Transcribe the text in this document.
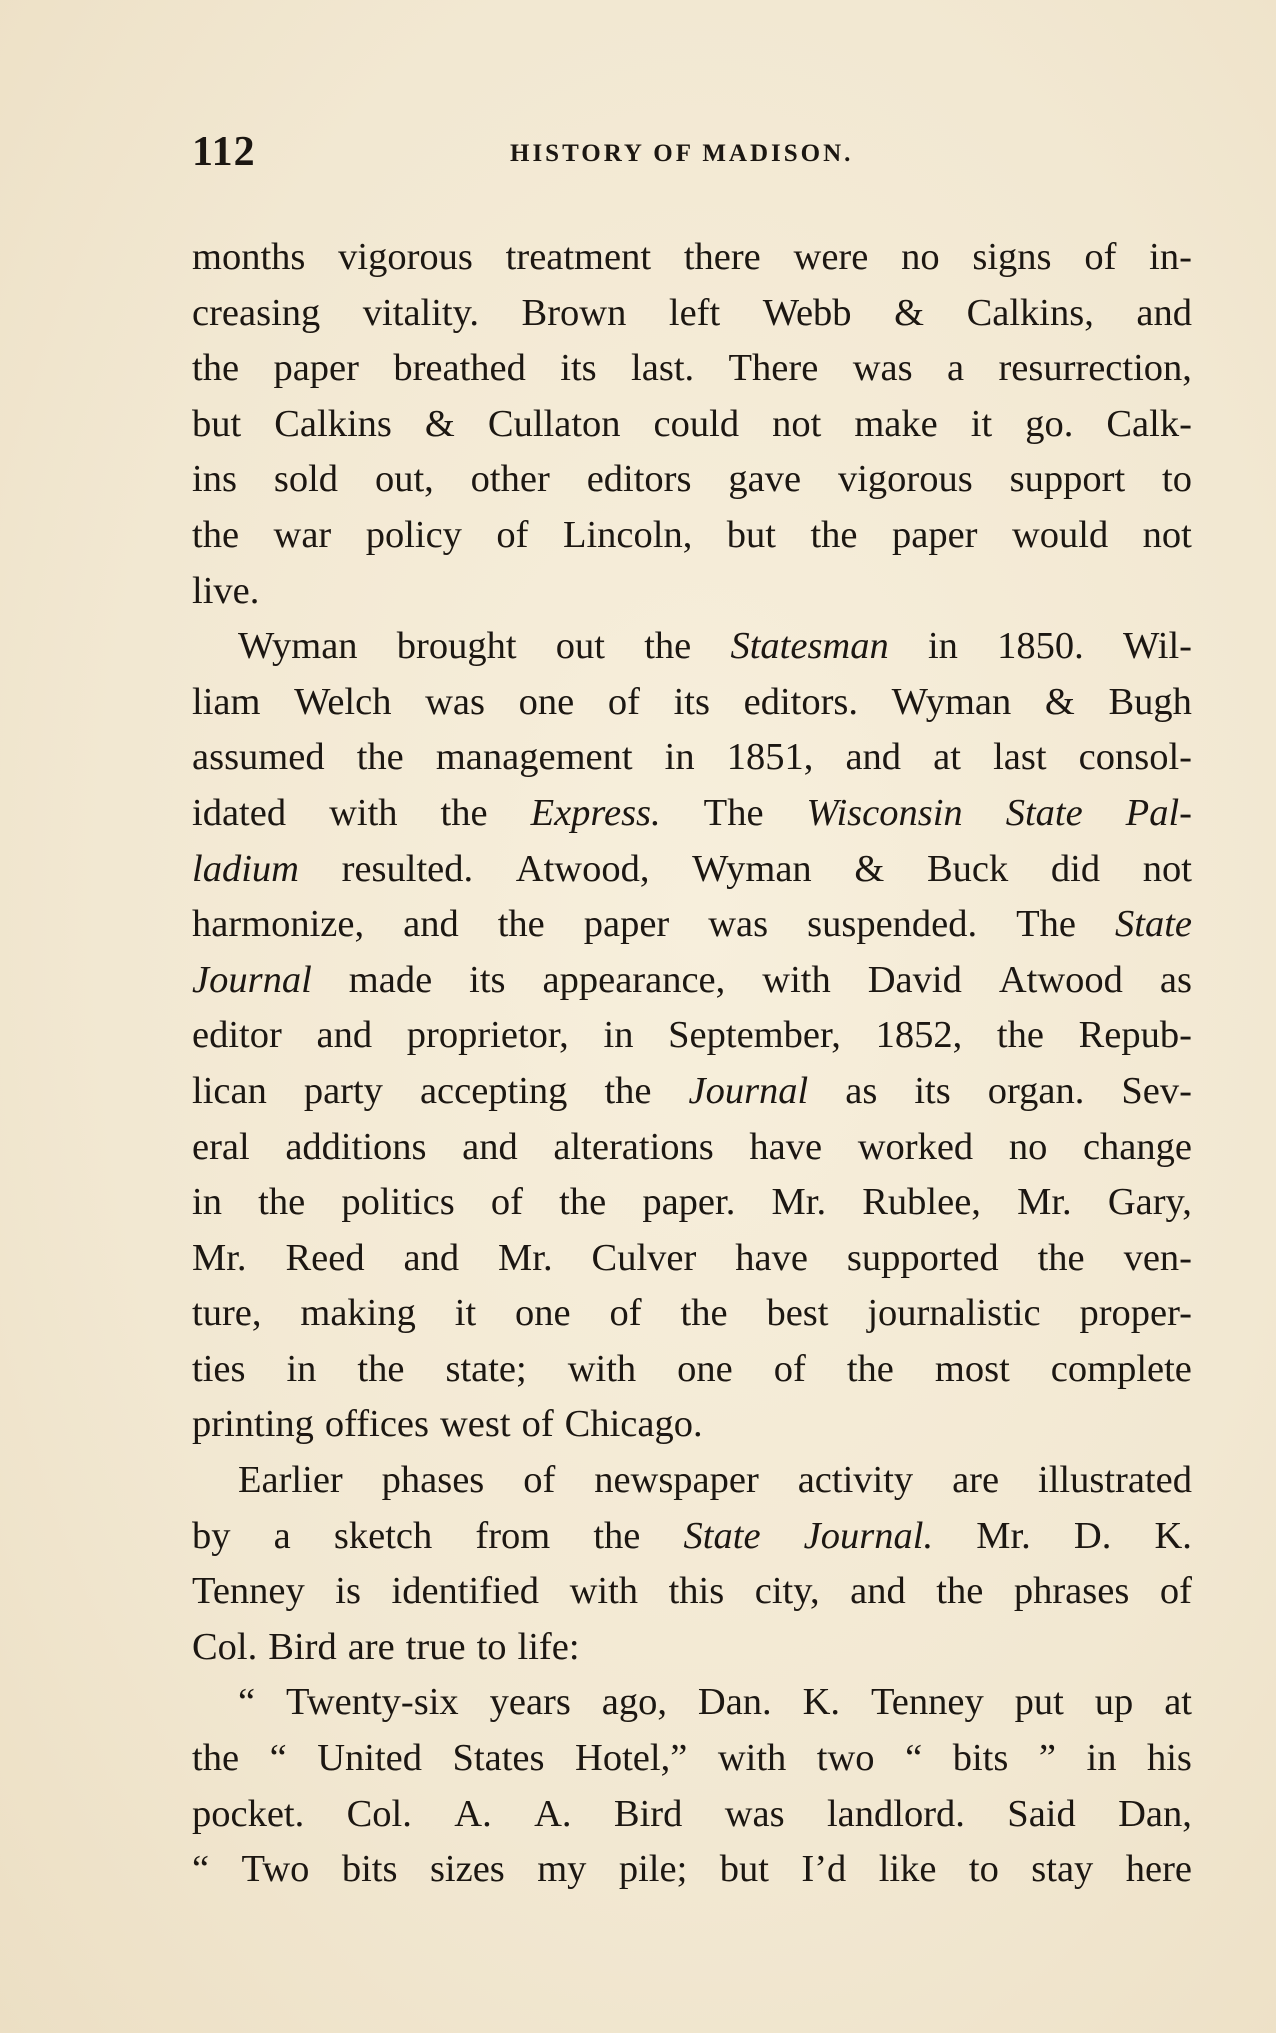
112	HISTORY OF MADISON.
months vigorous treatment there were no signs of in-
creasing vitality. Brown left Webb & Calkins, and
the paper breathed its last. There was a resurrection,
but Calkins & Cullaton could not make it go. Calk-
ins sold out, other editors gave vigorous support to
the war policy of Lincoln, but the paper would not
live.
Wyman brought out the Statesman in 1850. Wil-
liam Welch was one of its editors. Wyman & Bugh
assumed the management in 1851, and at last consol-
idated with the Express. The Wisconsin State Pal-
ladium resulted. Atwood, Wyman & Buck did not
harmonize, and the paper was suspended. The State
Journal made its appearance, with David Atwood as
editor and proprietor, in September, 1852, the Repub-
lican party accepting the Journal as its organ. Sev-
eral additions and alterations have worked no change
in the politics of the paper. Mr. Rublee, Mr. Gary,
Mr. Reed and Mr. Culver have supported the ven-
ture, making it one of the best journalistic proper-
ties in the state; with one of the most complete
printing offices west of Chicago.
Earlier phases of newspaper activity are illustrated
by a sketch from the State Journal. Mr. D. K.
Tenney is identified with this city, and the phrases of
Col. Bird are true to life:
“ Twenty-six years ago, Dan. K. Tenney put up at
the “ United States Hotel,” with two “ bits ” in his
pocket. Col. A. A. Bird was landlord. Said Dan,
“ Two bits sizes my pile; but I’d like to stay here
